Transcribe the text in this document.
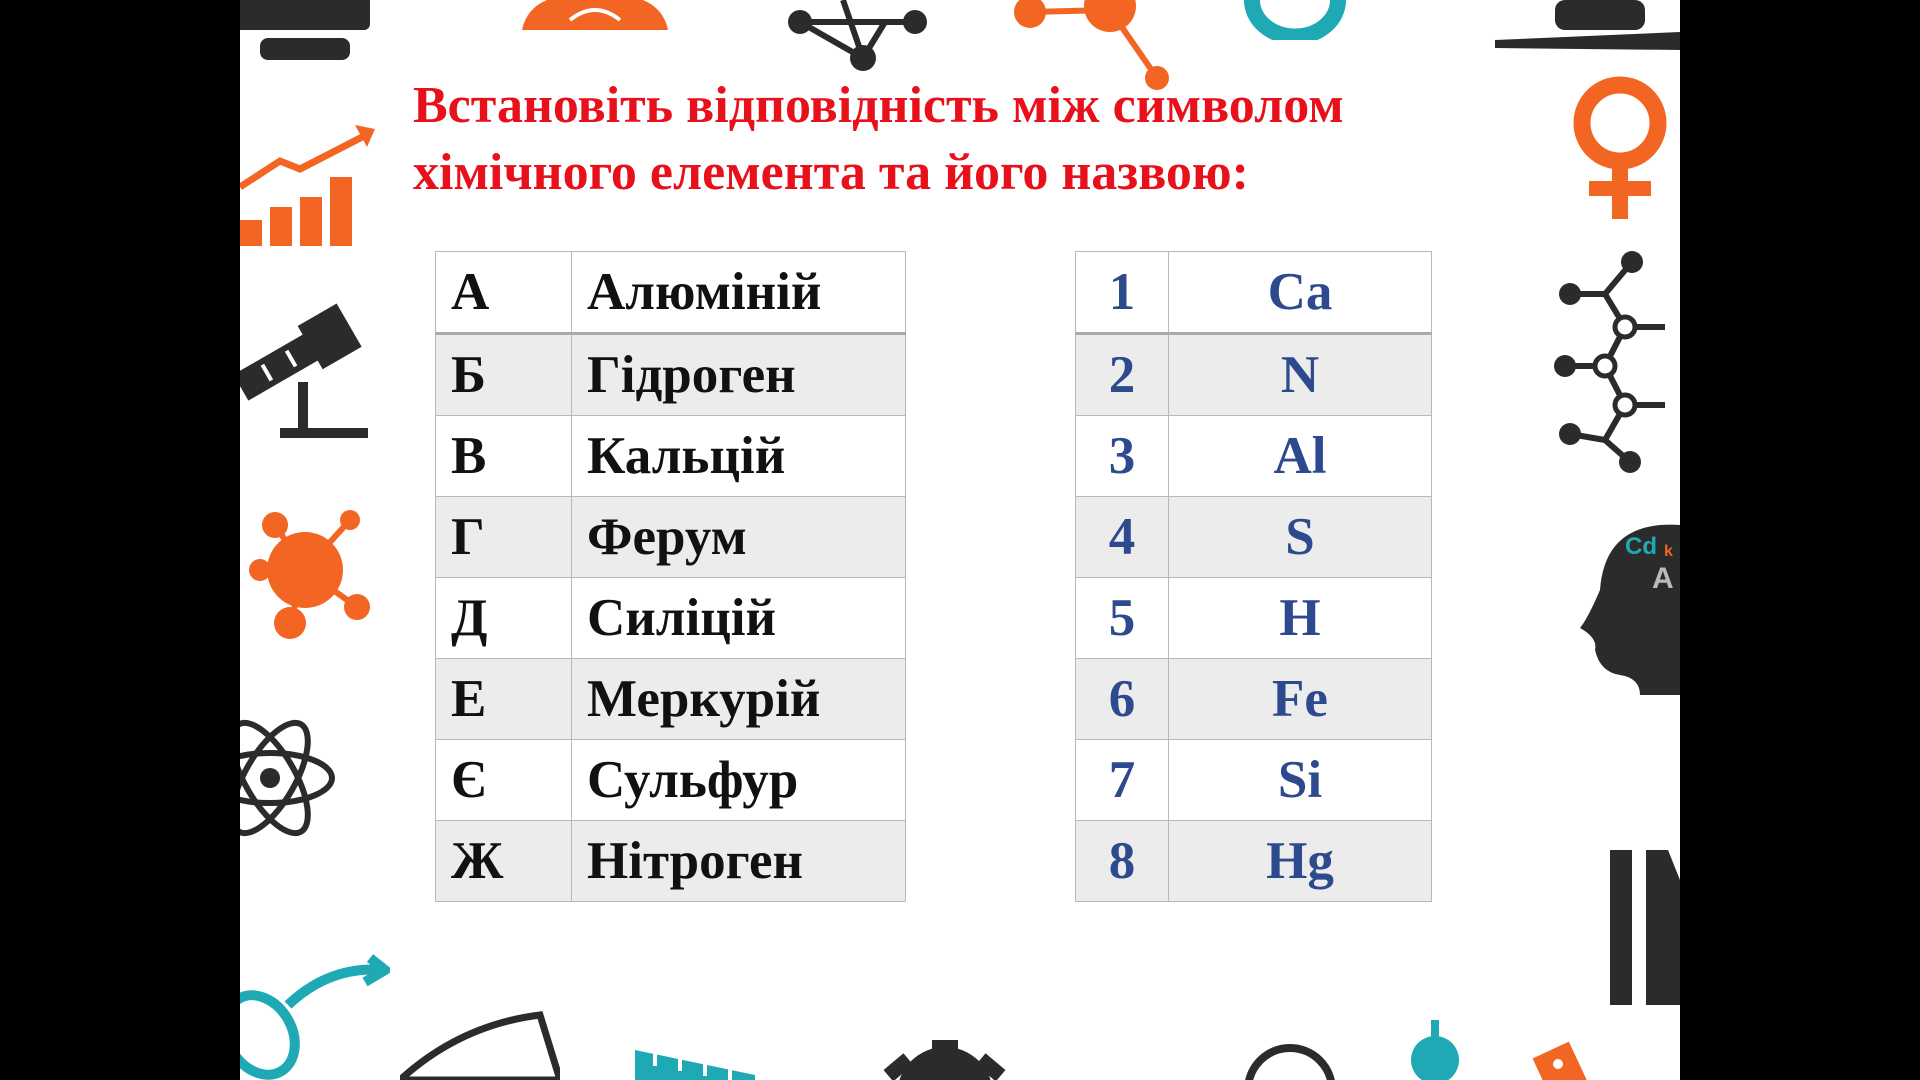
Cd
A
k
Встановіть відповідність між символом
хімічного елемента та його назвою:
А	Алюміній
Б	Гідроген
В	Кальцій
Г	Ферум
Д	Силіцій
Е	Меркурій
Є	Сульфур
Ж	Нітроген
1	Ca
2	N
3	Al
4	S
5	H
6	Fe
7	Si
8	Hg
